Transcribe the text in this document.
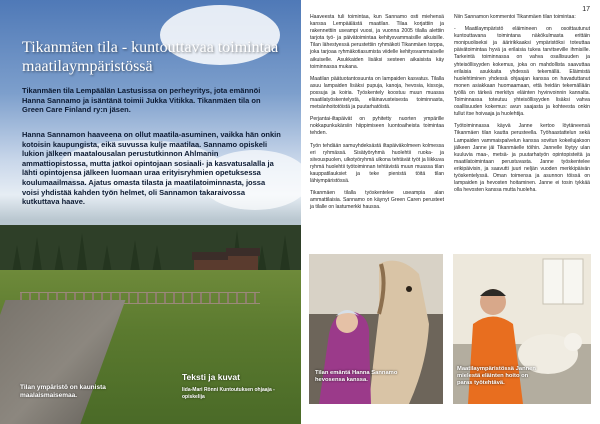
Tikanmäen tila - kuntouttavaa toimintaa maatilaympäristössä
Tikanmäen tila Lempäälän Lastusissa on perheyritys, jota emännöi Hanna Sannamo ja isäntänä toimii Jukka Vitikka. Tikanmäen tila on Green Care Finland ry:n jäsen.
Hanna Sannamon haaveena on ollut maatila-asuminen, vaikka hän onkin kotoisin kaupungista, eikä suvussa kulje maatilaa. Sannamo opiskeli lukion jälkeen maatalousalan perustutkinnon Ahlmanin ammattiopistossa, mutta jatkoi opintojaan sosiaali- ja kasvatusalalla ja lähti opintojensa jälkeen luomaan uraa erityisryhmien opetuksessa koulumaailmassa. Ajatus omasta tilasta ja maatilatoiminnasta, jossa voisi yhdistää kahden työn helmet, oli Sannamon takaraivossa kutkuttava haave.
Tilan ympäristö on kaunista maalaismaisemaa.
Teksti ja kuvat
Iida-Mari Rönni Kuntoutuksen ohjaaja -opiskelija
17

Haaveesta tuli toimintaa, kun Sannamo osti miehensä kanssa Lempäälästä maatilan. Tilaa korjattiin ja rakennettiin useampi vuosi, ja vuonna 2005 tilalla alettiin tarjota työ- ja päivätoimintaa kehitysvammaisille aikuisille. Tilan lähestyessä perustettiin ryhmäkoti Tikanmäen torppa, joka tarjoaa ryhmäkotiasumista viidelle kehitysvammaiselle aikuiselle. Asukkaiden lisäksi sesteen aikaisista käy toiminnassa mukana.

Maatilan päätuotantosuunta on lampaiden kasvatus. Tilalla asuu lampaiden lisäksi pupuja, kanoja, hevosia, kissoja, possuja ja koiria. Työskentely koostuu muun muassa maatilatyöskentelystä, eläinavusteisesta toiminnasta, metsänhoitotöistä ja puutarhatöistä.

Perjantai-iltapäivät on pyhitetty nuorten ympärille nokkapunkukärsiin hiippimiseen luontoaiheista toimintaa tehden.

Työn tehdään samuyhdeksästä iltapäiväkolmeen kolmessa eri ryhmässä. Sisätyöryhmä huolehtii ruoka- ja siivouspuolen, ulkotyöryhmä ulkona tehtävät työt ja liikkuva ryhmä huolehtii työtoiminnan tehtävistä muun muassa tilan kauppatilauksiet ja teke pienistä töitä tilan lähiympäristössä.

Tikanmäen tilalla työskentelee useampia alan ammattilaisia. Sannamo on käynyt Green Caren perusteet ja tilalle on lastumerkki haussa.

Niin Sannamon kommentoi Tikanmäen tilan toimintaa:

- Maatilaympäristö eläimineen on osoittautunut kuntouttavana toimintana näkökulmasta erittäin monipuoliseksi ja ääririkkaaksi ympäristöksi toteuttaa päivätoimintaa hyvä ja erilaisia tukea tarvitseville ihmisille. Tarkeintä toiminnassa on vahva osallisuuden ja yhteisöllisyyden kokemus, joka on mahdollista saavuttaa erilaisia asukkaita yhdessä tekemällä. Eläimistä huolehtiminen yhdessä ohjaajan kanssa on havaduttanut monen asiakkaan huomaamaan, että heidän tekemällään työllä on tärkeä merkitys eläinten hyvinvoinnin kannalta. Toiminnassa toteutuu yhteisöllisyyden lisäksi vahva osallisuuden kokemus: avun saajasta ja kohteesta onkin tullut itse hoivaaja ja huolehtija.

Työtoiminnassa käyvä Janne kertoo löytäneensä Tikanmäen tilan kautta perusteella. Työhaastattelun sekä Lampaiden vammaispalvelun kanssa sovitun kokeilujakson jälkeen Janne jäi Tikanmäelle töihin. Jannelle löytyy ulan kuuluvia maa-, metsä- ja puutarhatyön opintopisteitä ja maatilatoimintaan perustuvasta. Janne työskentelee erikipäivisin, ja saavutti juuri neljän vuoden merkkipäivän työskentelyssä. Oman toimensa ja asunnon töissä on lampaiden ja hevosten hoitaminen. Janne ei tosin tykkää olla hevosten kanssa mutta huoleha.

Tilan emäntä Hanna Sannamo hevosensa kanssa.
Maatilaympäristössä Jannen mielestä eläinten hoito on paras työtehtävä.
